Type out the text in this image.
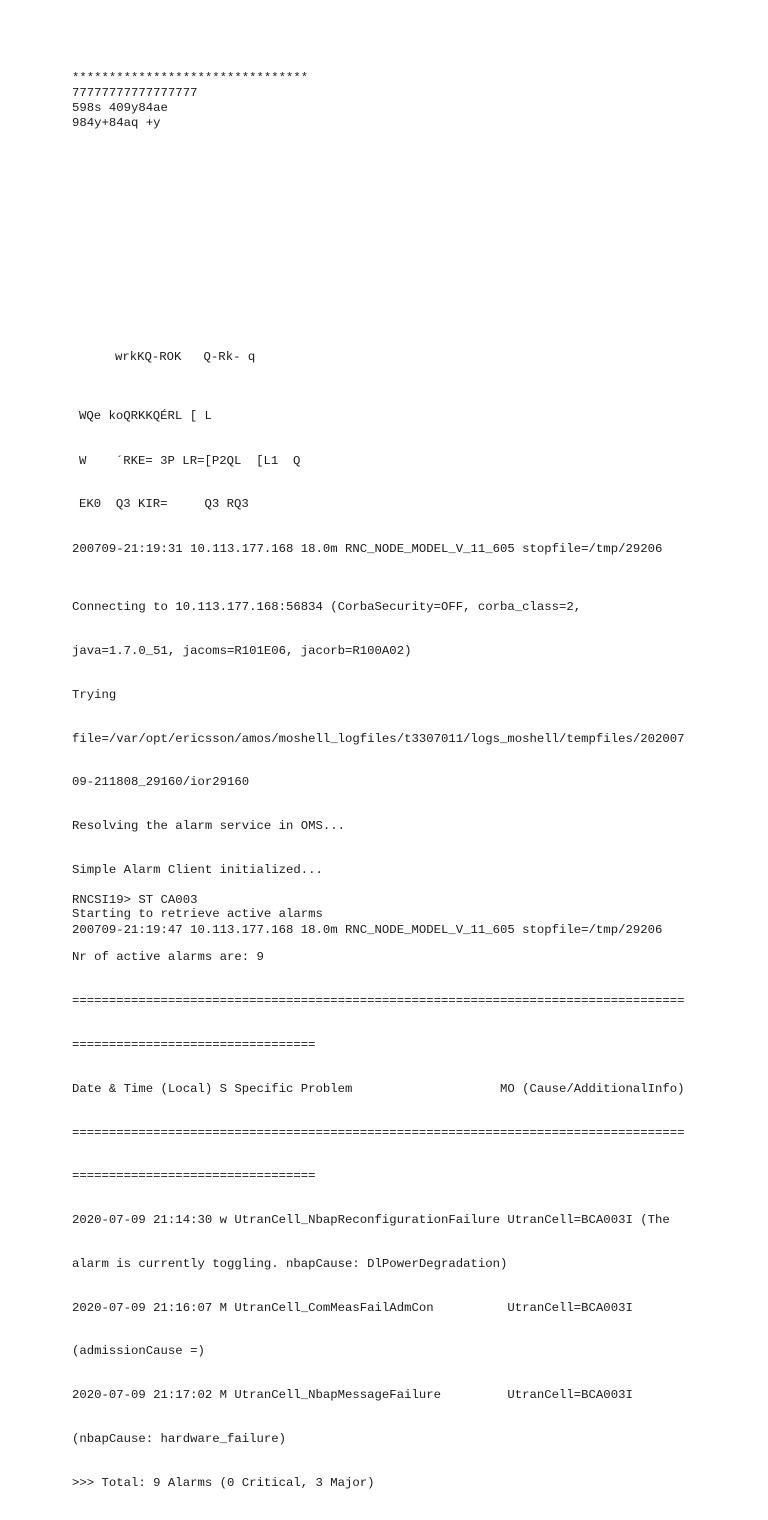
********************************
77777777777777777
598s 409y84ae
984y+84aq +y
wrkKQ-ROK   Q-Rk- q
WQe koQRKKQÉRL [ L
W    ´RKE= 3P LR=[P2QL  [L1  Q
EK0  Q3 KIR=     Q3 RQ3
200709-21:19:31 10.113.177.168 18.0m RNC_NODE_MODEL_V_11_605 stopfile=/tmp/29206

Connecting to 10.113.177.168:56834 (CorbaSecurity=OFF, corba_class=2,

java=1.7.0_51, jacoms=R101E06, jacorb=R100A02)

Trying

file=/var/opt/ericsson/amos/moshell_logfiles/t3307011/logs_moshell/tempfiles/202007

09-211808_29160/ior29160

Resolving the alarm service in OMS...

Simple Alarm Client initialized...

Starting to retrieve active alarms

Nr of active alarms are: 9

===================================================================================

=================================

Date & Time (Local) S Specific Problem                    MO (Cause/AdditionalInfo)

===================================================================================

=================================

2020-07-09 21:14:30 w UtranCell_NbapReconfigurationFailure UtranCell=BCA003I (The

alarm is currently toggling. nbapCause: DlPowerDegradation)

2020-07-09 21:16:07 M UtranCell_ComMeasFailAdmCon          UtranCell=BCA003I

(admissionCause =)

2020-07-09 21:17:02 M UtranCell_NbapMessageFailure         UtranCell=BCA003I

(nbapCause: hardware_failure)

>>> Total: 9 Alarms (0 Critical, 3 Major)

RNCSI19> ST CA003
200709-21:19:47 10.113.177.168 18.0m RNC_NODE_MODEL_V_11_605 stopfile=/tmp/29206
